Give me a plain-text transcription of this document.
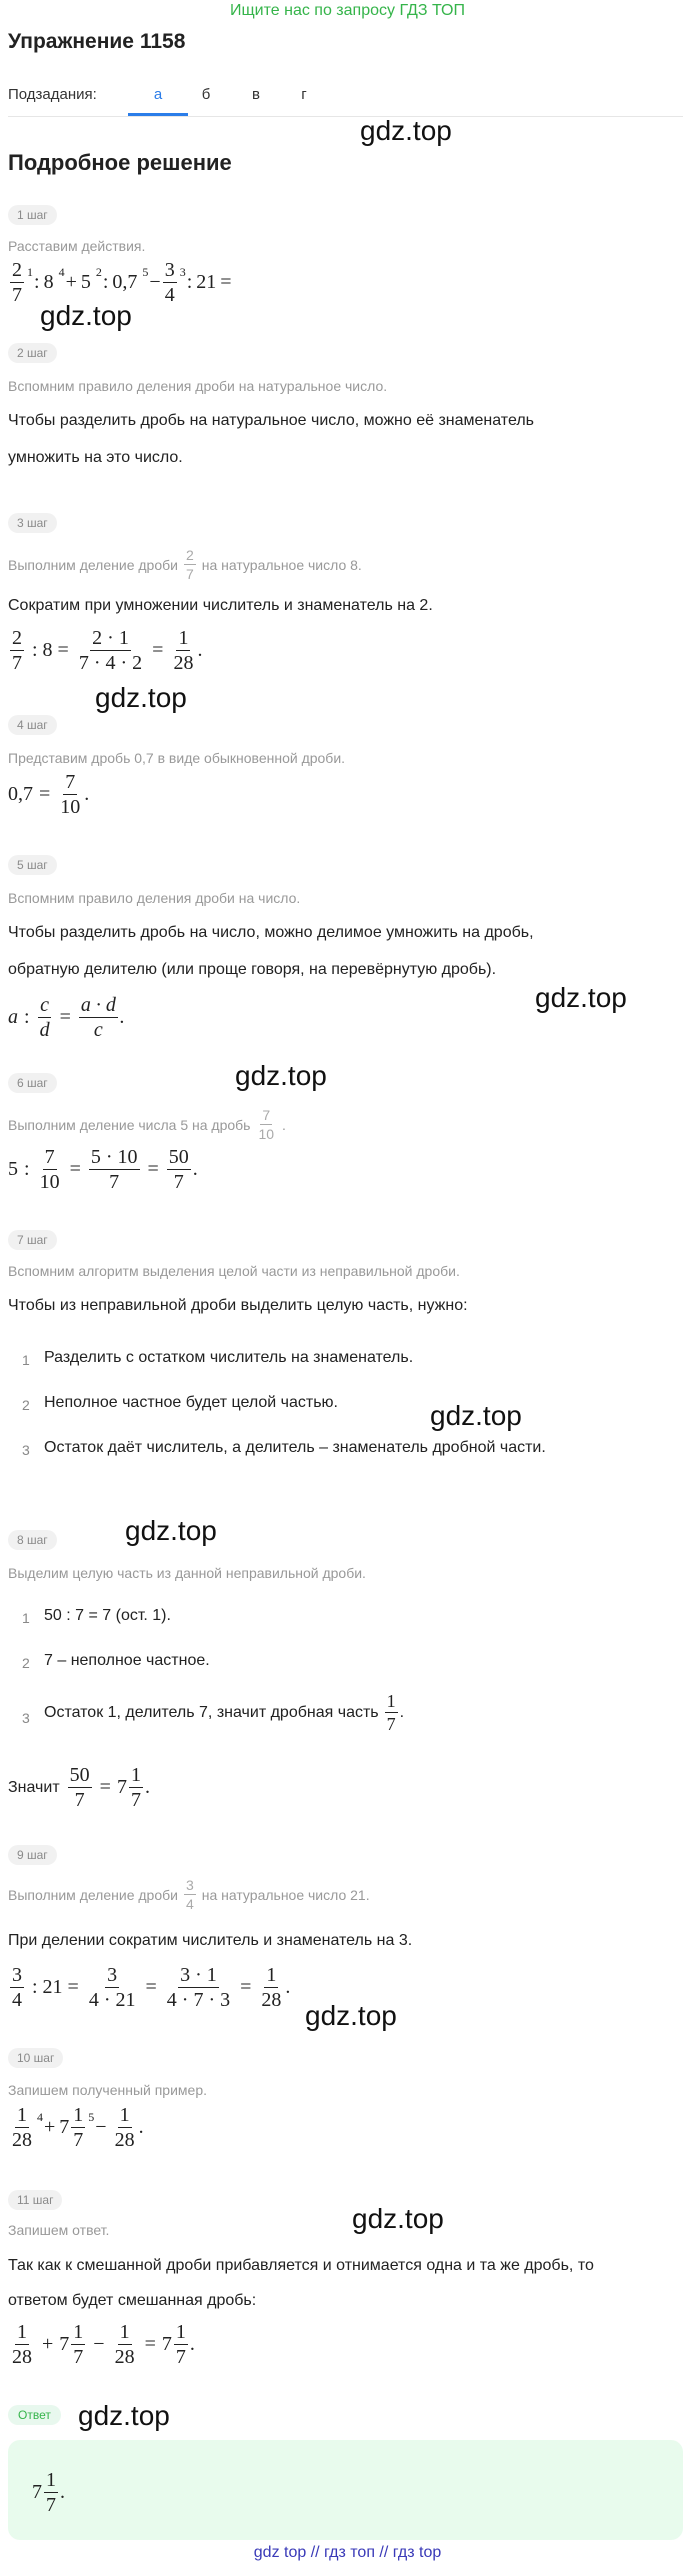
Ищите нас по запросу ГДЗ ТОП
Упражнение 1158
Подзадания:	а	б	в	г
gdz.top
Подробное решение
1 шаг
Расставим действия.
$\frac{2}{7} 1$ : 8 4 + 5 2 : 0,7 $5 - \frac{3}{4} 3$ : 21 =
gdz.top
2 шаг
Вспомним правило деления дроби на натуральное число.
Чтобы разделить дробь на натуральное число, можно её знаменатель
умножить на это число.
3 шаг
Выполним деление дроби $\frac{2}{7}$ на натуральное число 8.
Сократим при умножении числитель и знаменатель на 2.
$\frac{2}{7}$ : $8 = \frac{2 \cdot 1}{7 \cdot 4 \cdot 2} = \frac{1}{28}$ .
gdz.top
4 шаг
Представим дробь 0,7 в виде обыкновенной дроби.
$0,7 = \frac{7}{10}$ .
5 шаг
Вспомним правило деления дроби на число.
Чтобы разделить дробь на число, можно делимое умножить на дробь,
обратную делителю (или проще говоря, на перевёрнутую дробь).
gdz.top
a : $\frac{c}{d} = \frac{a \cdot d}{c}$ .
gdz.top
6 шаг
Выполним деление числа 5 на дробь $\frac{7}{10}$ .
5 : $\frac{7}{10} = \frac{5 \cdot 10}{7} = \frac{50}{7}$ .
7 шаг
Вспомним алгоритм выделения целой части из неправильной дроби.
Чтобы из неправильной дроби выделить целую часть, нужно:
1 Разделить с остатком числитель на знаменатель.
2 Неполное частное будет целой частью.	gdz.top
3 Остаток даёт числитель, а делитель – знаменатель дробной части.
gdz.top
8 шаг
Выделим целую часть из данной неправильной дроби.
1 50 : 7 = 7 (ост. 1).
2 7 – неполное частное.
3 Остаток 1, делитель 7, значит дробная часть $\frac{1}{7}$ .
Значит $\frac{50}{7} = 7 \frac{1}{7}$ .
9 шаг
Выполним деление дроби $\frac{3}{4}$ на натуральное число 21.
При делении сократим числитель и знаменатель на 3.
$\frac{3}{4}$ : $21 = \frac{3}{4 \cdot 21} = \frac{3 \cdot 1}{4 \cdot 7 \cdot 3} = \frac{1}{28}$ .
gdz.top
10 шаг
Запишем полученный пример.
$\frac{1}{28} 4 + 7 \frac{1}{7} 5 - \frac{1}{28}$ .
11 шаг
gdz.top
Запишем ответ.
Так как к смешанной дроби прибавляется и отнимается одна и та же дробь, то
ответом будет смешанная дробь:
$\frac{1}{28} + 7 \frac{1}{7} - \frac{1}{28} = 7 \frac{1}{7}$ .
Ответ gdz.top
$7 \frac{1}{7}$ .
gdz top // гдз топ // гдз top
